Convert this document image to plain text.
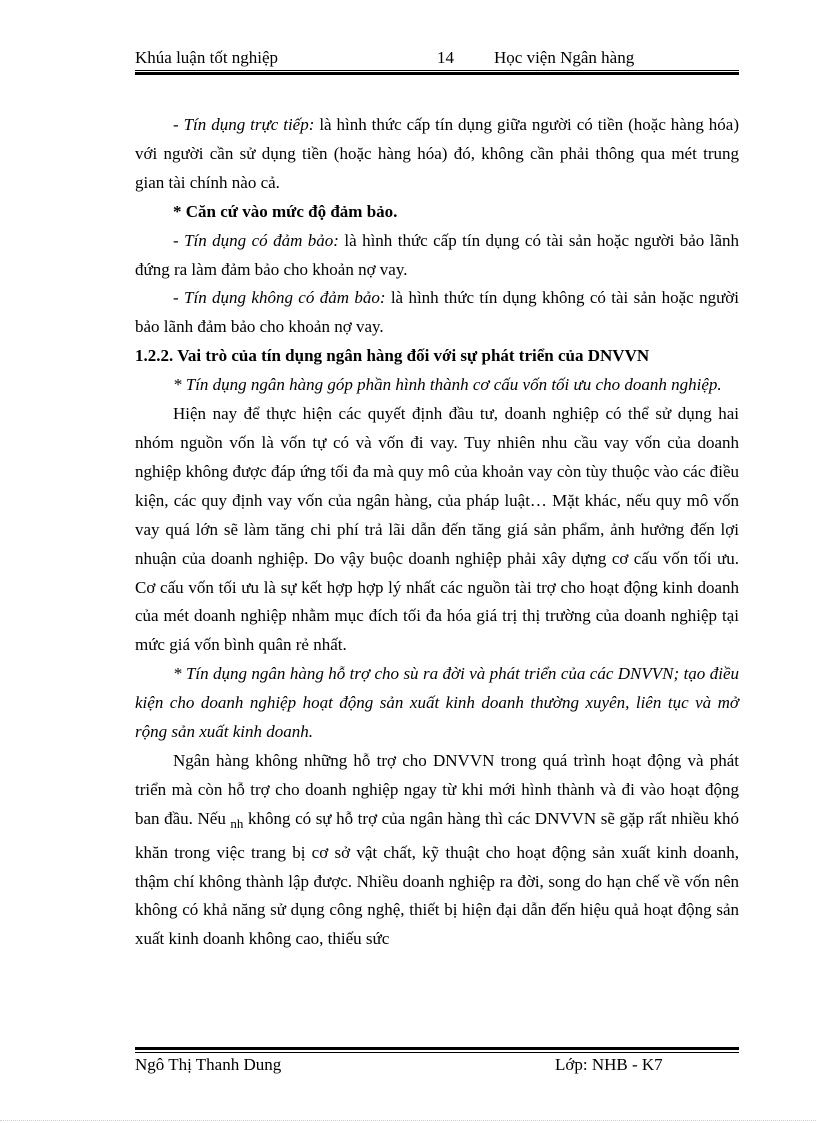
Khúa luận tốt nghiệp	14 Học viện Ngân hàng

- Tín dụng trực tiếp: là hình thức cấp tín dụng giữa người có tiền (hoặc hàng hóa) với người cần sử dụng tiền (hoặc hàng hóa) đó, không cần phải thông qua mét trung gian tài chính nào cả.

* Căn cứ vào mức độ đảm bảo.

- Tín dụng có đảm bảo: là hình thức cấp tín dụng có tài sản hoặc người bảo lãnh đứng ra làm đảm bảo cho khoản nợ vay.

- Tín dụng không có đảm bảo: là hình thức tín dụng không có tài sản hoặc người bảo lãnh đảm bảo cho khoản nợ vay.

1.2.2. Vai trò của tín dụng ngân hàng đối với sự phát triển của DNVVN

* Tín dụng ngân hàng góp phần hình thành cơ cấu vốn tối ưu cho doanh nghiệp.

Hiện nay để thực hiện các quyết định đầu tư, doanh nghiệp có thể sử dụng hai nhóm nguồn vốn là vốn tự có và vốn đi vay. Tuy nhiên nhu cầu vay vốn của doanh nghiệp không được đáp ứng tối đa mà quy mô của khoản vay còn tùy thuộc vào các điều kiện, các quy định vay vốn của ngân hàng, của pháp luật… Mặt khác, nếu quy mô vốn vay quá lớn sẽ làm tăng chi phí trả lãi dẫn đến tăng giá sản phẩm, ảnh hưởng đến lợi nhuận của doanh nghiệp. Do vậy buộc doanh nghiệp phải xây dựng cơ cấu vốn tối ưu. Cơ cấu vốn tối ưu là sự kết hợp hợp lý nhất các nguồn tài trợ cho hoạt động kinh doanh của mét doanh nghiệp nhằm mục đích tối đa hóa giá trị thị trường của doanh nghiệp tại mức giá vốn bình quân rẻ nhất.

* Tín dụng ngân hàng hỗ trợ cho sù ra đời và phát triển của các DNVVN; tạo điều kiện cho doanh nghiệp hoạt động sản xuất kinh doanh thường xuyên, liên tục và mở rộng sản xuất kinh doanh.

Ngân hàng không những hỗ trợ cho DNVVN trong quá trình hoạt động và phát triển mà còn hỗ trợ cho doanh nghiệp ngay từ khi mới hình thành và đi vào hoạt động ban đầu. Nếu $_{nh}$ không có sự hỗ trợ của ngân hàng thì các DNVVN sẽ gặp rất nhiều khó khăn trong việc trang bị cơ sở vật chất, kỹ thuật cho hoạt động sản xuất kinh doanh, thậm chí không thành lập được. Nhiều doanh nghiệp ra đời, song do hạn chế về vốn nên không có khả năng sử dụng công nghệ, thiết bị hiện đại dẫn đến hiệu quả hoạt động sản xuất kinh doanh không cao, thiếu sức

Ngô Thị Thanh Dung	Lớp: NHB - K7
